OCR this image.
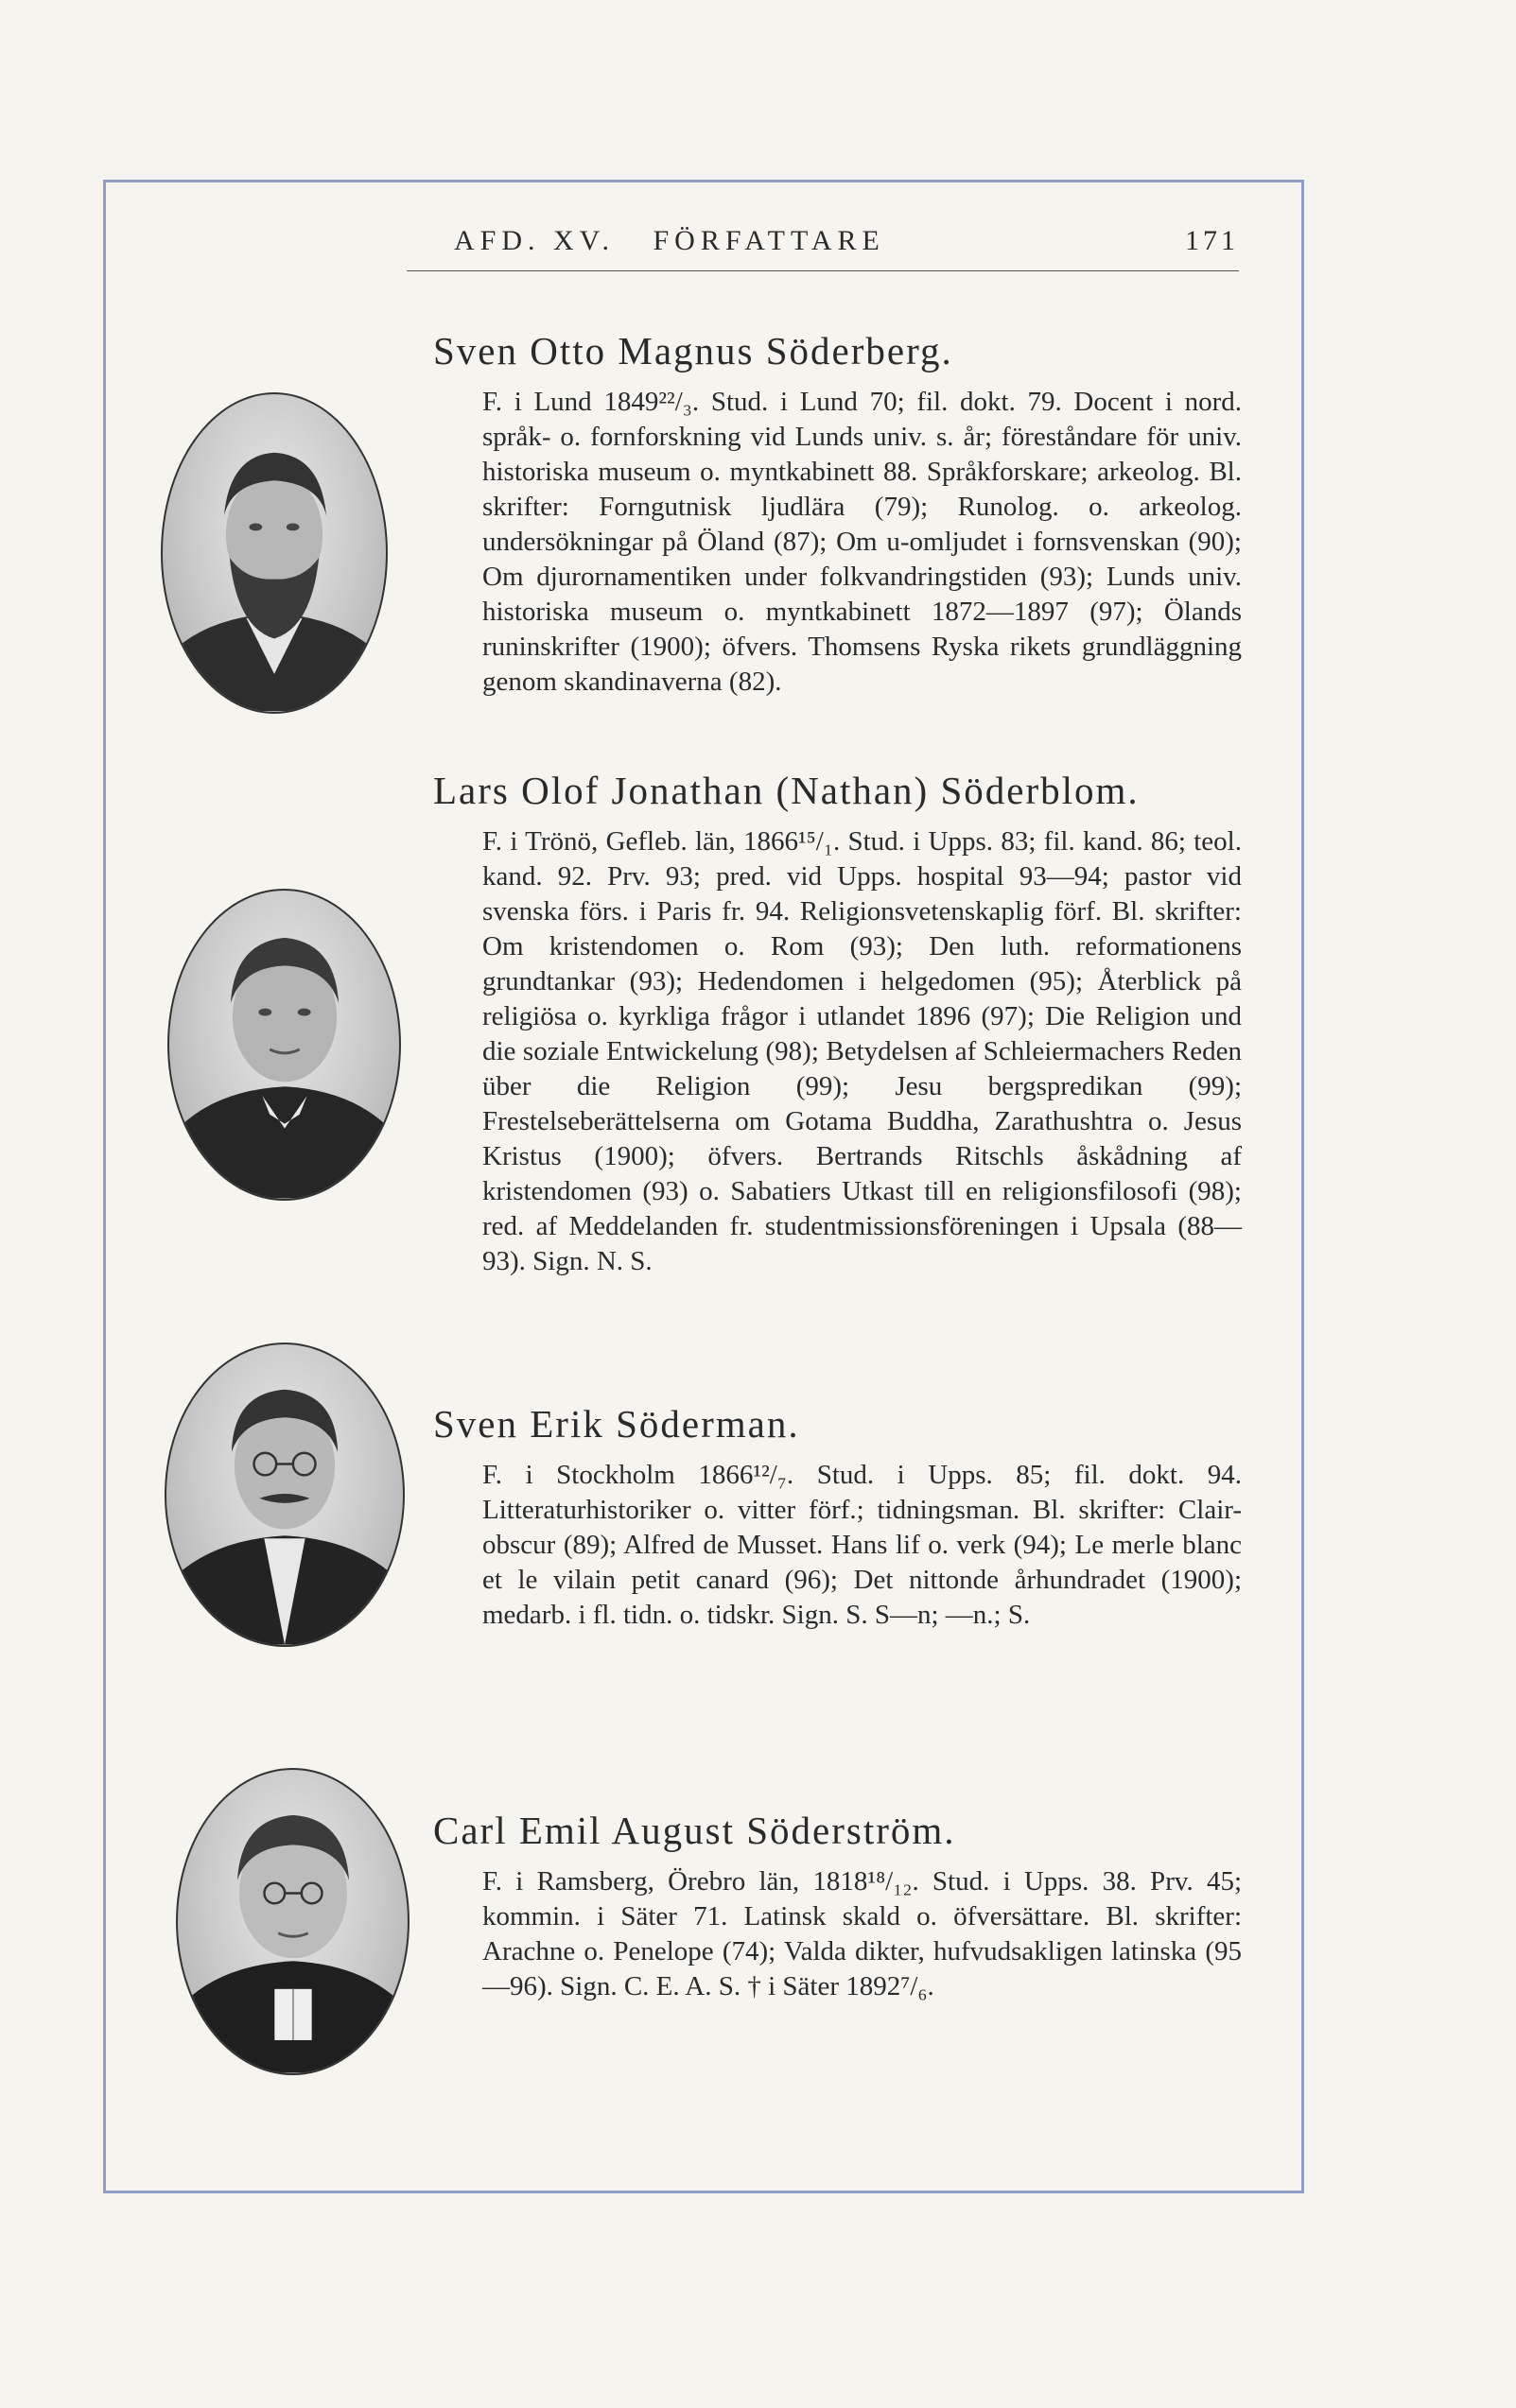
AFD. XV.   FÖRFATTARE	171
Sven Otto Magnus Söderberg.

F. i Lund 1849²²/₃. Stud. i Lund 70; fil. dokt. 79. Docent i nord. språk- o. fornforskning vid Lunds univ. s. år; föreståndare för univ. historiska museum o. myntkabinett 88. Språkforskare; arkeolog. Bl. skrifter: Forngutnisk ljudlära (79); Runolog. o. arkeolog. undersökningar på Öland (87); Om u-omljudet i fornsvenskan (90); Om djurornamentiken under folkvandringstiden (93); Lunds univ. historiska museum o. myntkabinett 1872—1897 (97); Ölands runinskrifter (1900); öfvers. Thomsens Ryska rikets grundläggning genom skandinaverna (82).

Lars Olof Jonathan (Nathan) Söderblom.

F. i Trönö, Gefleb. län, 1866¹⁵/₁. Stud. i Upps. 83; fil. kand. 86; teol. kand. 92. Prv. 93; pred. vid Upps. hospital 93—94; pastor vid svenska förs. i Paris fr. 94. Religionsvetenskaplig förf. Bl. skrifter: Om kristendomen o. Rom (93); Den luth. reformationens grundtankar (93); Hedendomen i helgedomen (95); Återblick på religiösa o. kyrkliga frågor i utlandet 1896 (97); Die Religion und die soziale Entwickelung (98); Betydelsen af Schleiermachers Reden über die Religion (99); Jesu bergspredikan (99); Frestelseberättelserna om Gotama Buddha, Zarathushtra o. Jesus Kristus (1900); öfvers. Bertrands Ritschls åskådning af kristendomen (93) o. Sabatiers Utkast till en religionsfilosofi (98); red. af Meddelanden fr. studentmissionsföreningen i Upsala (88—93). Sign. N. S.

Sven Erik Söderman.

F. i Stockholm 1866¹²/₇. Stud. i Upps. 85; fil. dokt. 94. Litteraturhistoriker o. vitter förf.; tidningsman. Bl. skrifter: Clair-obscur (89); Alfred de Musset. Hans lif o. verk (94); Le merle blanc et le vilain petit canard (96); Det nittonde århundradet (1900); medarb. i fl. tidn. o. tidskr. Sign. S. S—n; —n.; S.

Carl Emil August Söderström.

F. i Ramsberg, Örebro län, 1818¹⁸/₁₂. Stud. i Upps. 38. Prv. 45; kommin. i Säter 71. Latinsk skald o. öfversättare. Bl. skrifter: Arachne o. Penelope (74); Valda dikter, hufvudsakligen latinska (95—96). Sign. C. E. A. S. † i Säter 1892⁷/₆.
